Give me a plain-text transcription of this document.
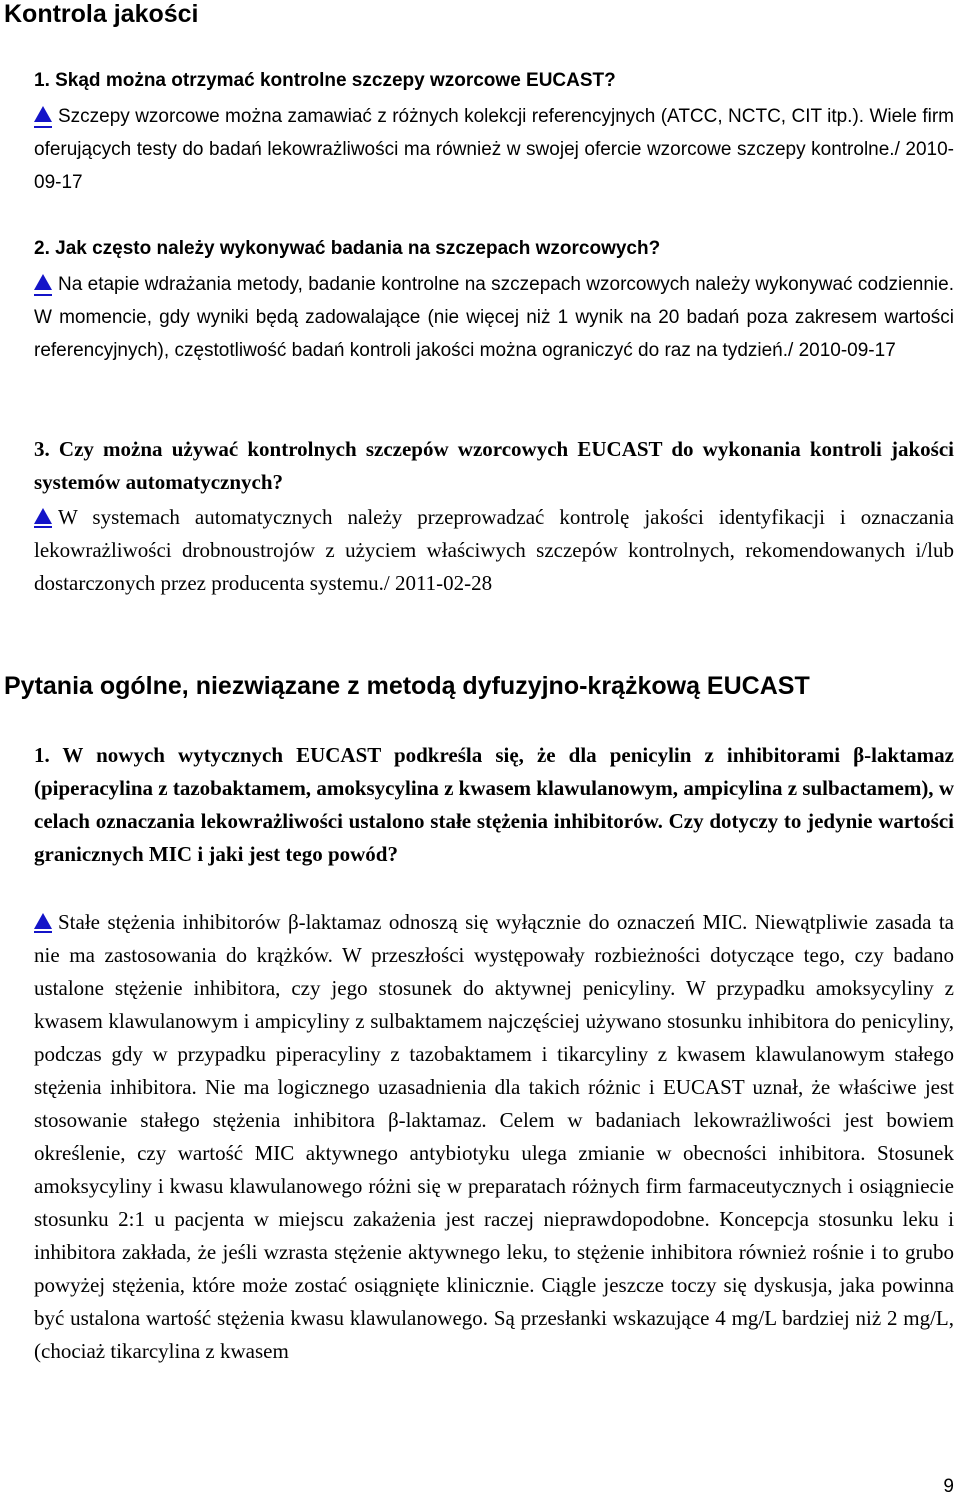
Kontrola jakości
1. Skąd można otrzymać kontrolne szczepy wzorcowe EUCAST?
Szczepy wzorcowe można zamawiać z różnych kolekcji referencyjnych (ATCC, NCTC, CIT itp.). Wiele firm oferujących testy do badań lekowrażliwości ma również w swojej ofercie wzorcowe szczepy kontrolne./ 2010-09-17
2. Jak często należy wykonywać badania na szczepach wzorcowych?
Na etapie wdrażania metody, badanie kontrolne na szczepach wzorcowych należy wykonywać codziennie. W momencie, gdy wyniki będą zadowalające (nie więcej niż 1 wynik na 20 badań poza zakresem wartości referencyjnych), częstotliwość badań kontroli jakości można ograniczyć do raz na tydzień./ 2010-09-17
3. Czy można używać kontrolnych szczepów wzorcowych EUCAST do wykonania kontroli jakości systemów automatycznych?
W systemach automatycznych należy przeprowadzać kontrolę jakości identyfikacji i oznaczania lekowrażliwości drobnoustrojów z użyciem właściwych szczepów kontrolnych, rekomendowanych i/lub dostarczonych przez producenta systemu./ 2011-02-28
Pytania ogólne, niezwiązane z metodą dyfuzyjno-krążkową EUCAST
1. W nowych wytycznych EUCAST podkreśla się, że dla penicylin z inhibitorami β-laktamaz (piperacylina z tazobaktamem, amoksycylina z kwasem klawulanowym, ampicylina z sulbactamem), w celach oznaczania lekowrażliwości ustalono stałe stężenia inhibitorów. Czy dotyczy to jedynie wartości granicznych MIC i jaki jest tego powód?
Stałe stężenia inhibitorów β-laktamaz odnoszą się wyłącznie do oznaczeń MIC. Niewątpliwie zasada ta nie ma zastosowania do krążków. W przeszłości występowały rozbieżności dotyczące tego, czy badano ustalone stężenie inhibitora, czy jego stosunek do aktywnej penicyliny. W przypadku amoksycyliny z kwasem klawulanowym i ampicyliny z sulbaktamem najczęściej używano stosunku inhibitora do penicyliny, podczas gdy w przypadku piperacyliny z tazobaktamem i tikarcyliny z kwasem klawulanowym stałego stężenia inhibitora. Nie ma logicznego uzasadnienia dla takich różnic i EUCAST uznał, że właściwe jest stosowanie stałego stężenia inhibitora β-laktamaz. Celem w badaniach lekowrażliwości jest bowiem określenie, czy wartość MIC aktywnego antybiotyku ulega zmianie w obecności inhibitora. Stosunek amoksycyliny i kwasu klawulanowego różni się w preparatach różnych firm farmaceutycznych i osiągniecie stosunku 2:1 u pacjenta w miejscu zakażenia jest raczej nieprawdopodobne. Koncepcja stosunku leku i inhibitora zakłada, że jeśli wzrasta stężenie aktywnego leku, to stężenie inhibitora również rośnie i to grubo powyżej stężenia, które może zostać osiągnięte klinicznie. Ciągle jeszcze toczy się dyskusja, jaka powinna być ustalona wartość stężenia kwasu klawulanowego. Są przesłanki wskazujące 4 mg/L bardziej niż 2 mg/L, (chociaż tikarcylina z kwasem
9
